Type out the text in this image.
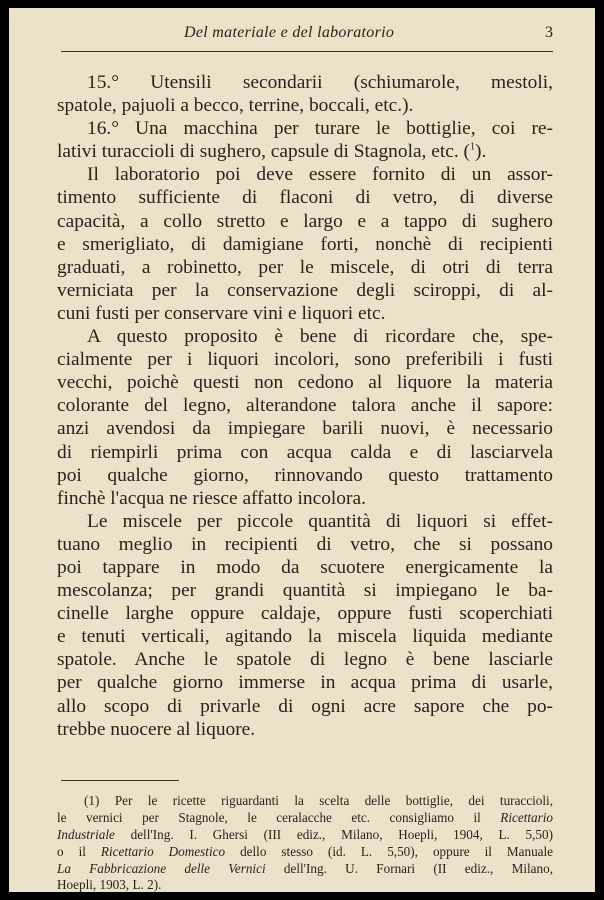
Del materiale e del laboratorio	3
15.° Utensili secondarii (schiumarole, mestoli,
spatole, pajuoli a becco, terrine, boccali, etc.).
16.° Una macchina per turare le bottiglie, coi re-
lativi turaccioli di sughero, capsule di Stagnola, etc. ($^1$).
Il laboratorio poi deve essere fornito di un assor-
timento sufficiente di flaconi di vetro, di diverse
capacità, a collo stretto e largo e a tappo di sughero
e smerigliato, di damigiane forti, nonchè di recipienti
graduati, a robinetto, per le miscele, di otri di terra
verniciata per la conservazione degli sciroppi, di al-
cuni fusti per conservare vini e liquori etc.
A questo proposito è bene di ricordare che, spe-
cialmente per i liquori incolori, sono preferibili i fusti
vecchi, poichè questi non cedono al liquore la materia
colorante del legno, alterandone talora anche il sapore:
anzi avendosi da impiegare barili nuovi, è necessario
di riempirli prima con acqua calda e di lasciarvela
poi qualche giorno, rinnovando questo trattamento
finchè l'acqua ne riesce affatto incolora.
Le miscele per piccole quantità di liquori si effet-
tuano meglio in recipienti di vetro, che si possano
poi tappare in modo da scuotere energicamente la
mescolanza; per grandi quantità si impiegano le ba-
cinelle larghe oppure caldaje, oppure fusti scoperchiati
e tenuti verticali, agitando la miscela liquida mediante
spatole. Anche le spatole di legno è bene lasciarle
per qualche giorno immerse in acqua prima di usarle,
allo scopo di privarle di ogni acre sapore che po-
trebbe nuocere al liquore.
(1) Per le ricette riguardanti la scelta delle bottiglie, dei turaccioli,
le vernici per Stagnole, le ceralacche etc. consigliamo il Ricettario
Industriale dell'Ing. I. Ghersi (III ediz., Milano, Hoepli, 1904, L. 5,50)
o il Ricettario Domestico dello stesso (id. L. 5,50), oppure il Manuale
La Fabbricazione delle Vernici dell'Ing. U. Fornari (II ediz., Milano,
Hoepli, 1903, L. 2).
